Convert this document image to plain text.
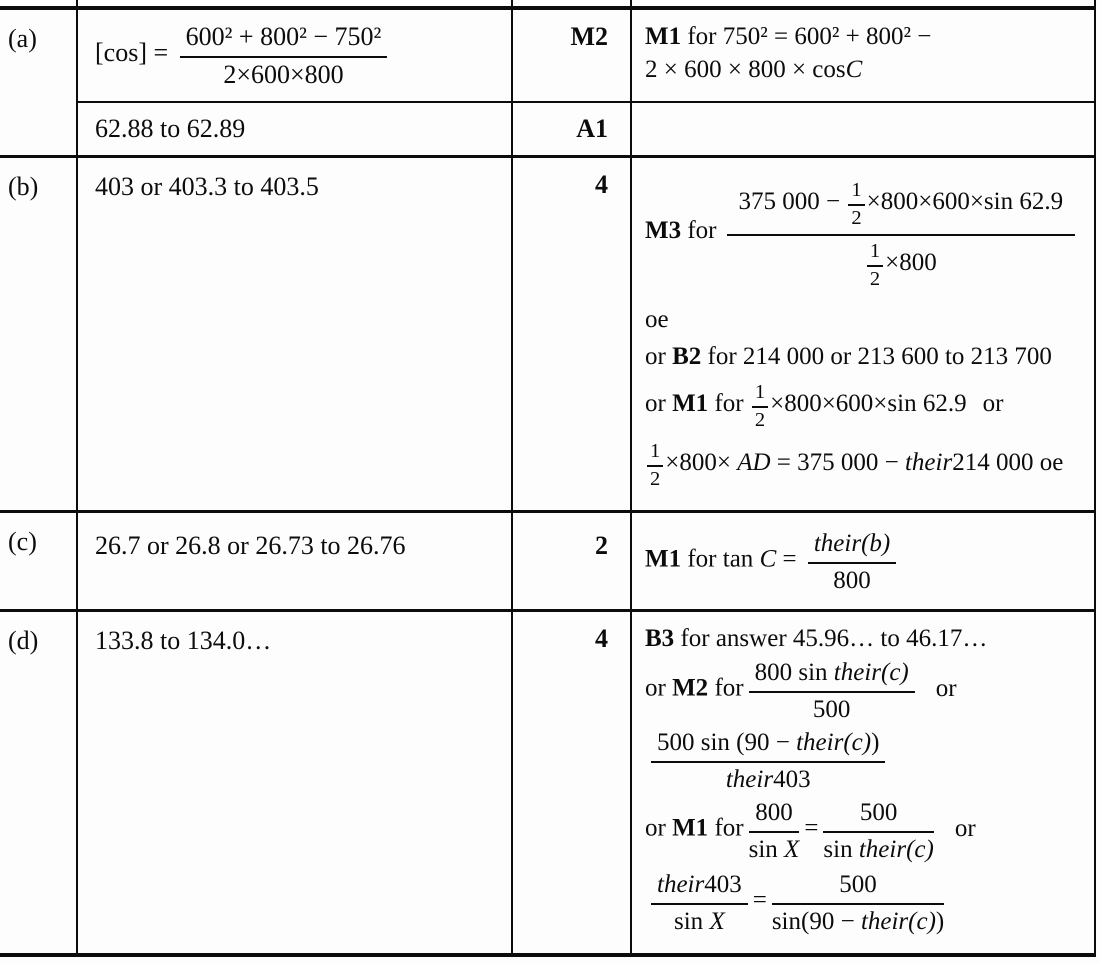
(a)	$[\cos] = \frac{\text{600² + 800² − 750²}}{2\times 600\times 800}$	M2	M1 for 750² = 600² + 800² −
2 × 600 × 800 × cosC
62.88 to 62.89	A1
(b)	403 or 403.3 to 403.5	4
M3 for $\frac{375 000 - \frac{1}{2} \times 800\times 600\times\sin 62.9}{\frac{1}{2} \times 800}$
oe
or B2 for 214 000 or 213 600 to 213 700
or M1 for $\frac{1}{2} \times 800\times 600\times\sin$ 62.9 or
$\frac{1}{2} \times 800\times$ AD = 375 000 − their214 000 oe
(c)	26.7 or 26.8 or 26.73 to 26.76	2	M1 for tan C =
their(b)
800
(d)	133.8 to 134.0…	4	B3 for answer 45.96… to 46.17…
or M2 for
800 sin their(c)
500
or
500 sin (90 − their(c))
their403
or M1 for $\frac{800}{\text{sin X}}$ =
500
sin their(c)
or
their403
sin X
=
500
sin(90 − their(c))
